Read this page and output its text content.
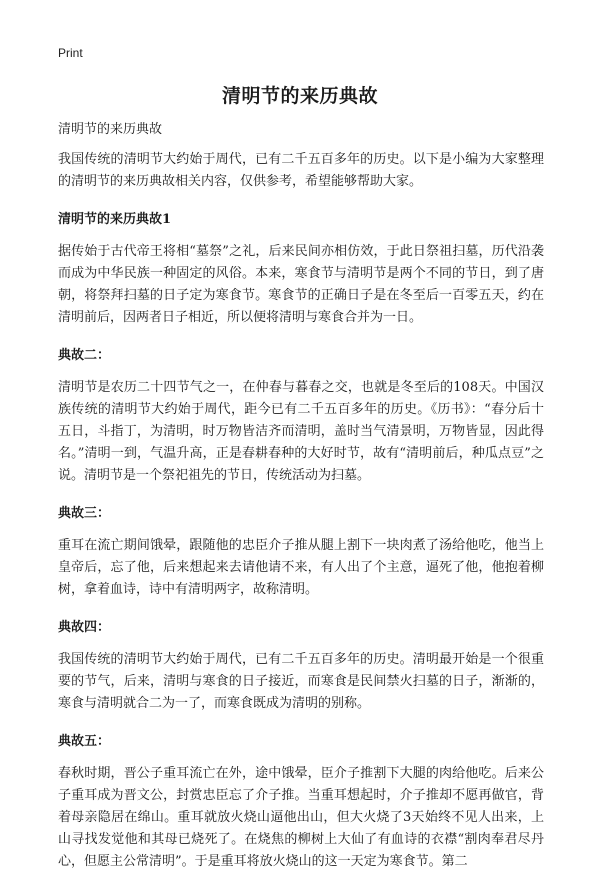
Print
清明节的来历典故

清明节的来历典故

我国传统的清明节大约始于周代，已有二千五百多年的历史。以下是小编为大家整理的清明节的来历典故相关内容，仅供参考，希望能够帮助大家。

清明节的来历典故1

据传始于古代帝王将相“墓祭”之礼，后来民间亦相仿效，于此日祭祖扫墓，历代沿袭而成为中华民族一种固定的风俗。本来，寒食节与清明节是两个不同的节日，到了唐朝，将祭拜扫墓的日子定为寒食节。寒食节的正确日子是在冬至后一百零五天，约在清明前后，因两者日子相近，所以便将清明与寒食合并为一日。

典故二：

清明节是农历二十四节气之一，在仲春与暮春之交，也就是冬至后的108天。中国汉族传统的清明节大约始于周代，距今已有二千五百多年的历史。《历书》：“春分后十五日，斗指丁，为清明，时万物皆洁齐而清明，盖时当气清景明，万物皆显，因此得名。”清明一到，气温升高，正是春耕春种的大好时节，故有“清明前后，种瓜点豆”之说。清明节是一个祭祀祖先的节日，传统活动为扫墓。

典故三：

重耳在流亡期间饿晕，跟随他的忠臣介子推从腿上割下一块肉煮了汤给他吃，他当上皇帝后，忘了他，后来想起来去请他请不来，有人出了个主意，逼死了他，他抱着柳树，拿着血诗，诗中有清明两字，故称清明。

典故四：

我国传统的清明节大约始于周代，已有二千五百多年的历史。清明最开始是一个很重要的节气，后来，清明与寒食的日子接近，而寒食是民间禁火扫墓的日子，渐渐的，寒食与清明就合二为一了，而寒食既成为清明的别称。

典故五：

春秋时期，晋公子重耳流亡在外，途中饿晕，臣介子推割下大腿的肉给他吃。后来公子重耳成为晋文公，封赏忠臣忘了介子推。当重耳想起时，介子推却不愿再做官，背着母亲隐居在绵山。重耳就放火烧山逼他出山，但大火烧了3天始终不见人出来，上山寻找发觉他和其母已烧死了。在烧焦的柳树上大仙了有血诗的衣襟“割肉奉君尽丹心，但愿主公常清明”。于是重耳将放火烧山的这一天定为寒食节。第二
